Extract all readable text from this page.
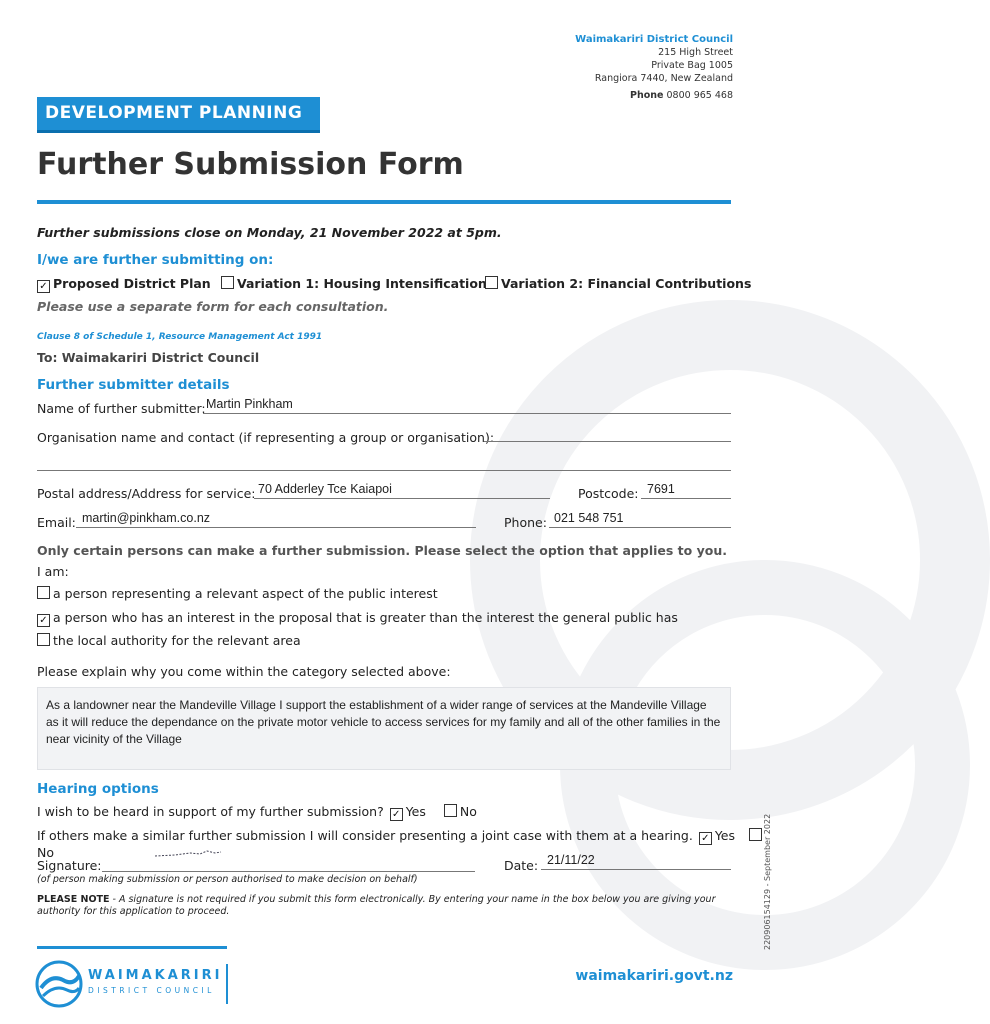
Waimakariri District Council
215 High Street
Private Bag 1005
Rangiora 7440, New Zealand
Phone 0800 965 468
DEVELOPMENT PLANNING
Further Submission Form
Further submissions close on Monday, 21 November 2022 at 5pm.
I/we are further submitting on:
✓ Proposed District Plan	Variation 1: Housing Intensification	Variation 2: Financial Contributions
Please use a separate form for each consultation.
Clause 8 of Schedule 1, Resource Management Act 1991
To: Waimakariri District Council
Further submitter details
Name of further submitter: Martin Pinkham
Organisation name and contact (if representing a group or organisation):
Postal address/Address for service: 70 Adderley Tce Kaiapoi	Postcode: 7691
Email: martin@pinkham.co.nz	Phone: 021 548 751
Only certain persons can make a further submission. Please select the option that applies to you.
I am:
a person representing a relevant aspect of the public interest
✓ a person who has an interest in the proposal that is greater than the interest the general public has
the local authority for the relevant area
Please explain why you come within the category selected above:
As a landowner near the Mandeville Village I support the establishment of a wider range of services at the Mandeville Village as it will reduce the dependance on the private motor vehicle to access services for my family and all of the other families in the near vicinity of the Village
Hearing options
I wish to be heard in support of my further submission? ✓ Yes	No
If others make a similar further submission I will consider presenting a joint case with them at a hearing. ✓ Yes No
Signature:	Date: 21/11/22
(of person making submission or person authorised to make decision on behalf)
PLEASE NOTE - A signature is not required if you submit this form electronically. By entering your name in the box below you are giving your authority for this application to proceed.	220906154129 - September 2022
WAIMAKARIRI
DISTRICT COUNCIL
waimakariri.govt.nz
